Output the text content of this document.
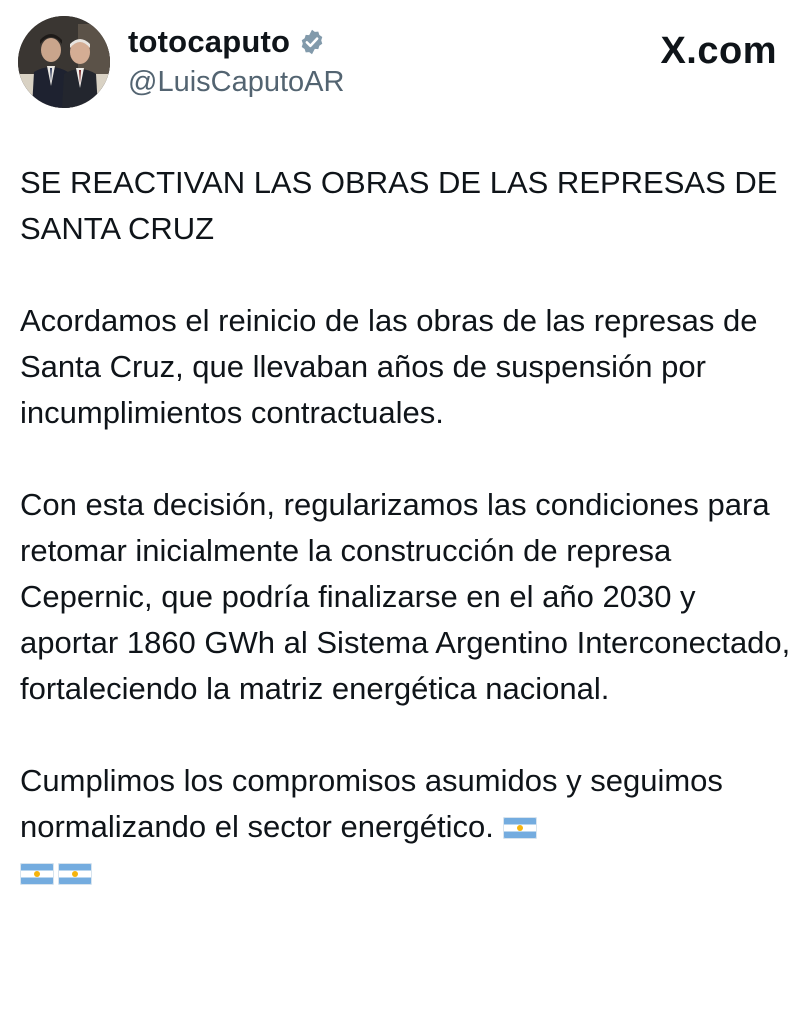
totocaputo
@LuisCaputoAR
X.com

SE REACTIVAN LAS OBRAS DE LAS REPRESAS DE SANTA CRUZ

Acordamos el reinicio de las obras de las represas de Santa Cruz, que llevaban años de suspensión por incumplimientos contractuales.

Con esta decisión, regularizamos las condiciones para retomar inicialmente la construcción de represa Cepernic, que podría finalizarse en el año 2030 y aportar 1860 GWh al Sistema Argentino Interconectado, fortaleciendo la matriz energética nacional.

Cumplimos los compromisos asumidos y seguimos normalizando el sector energético.
